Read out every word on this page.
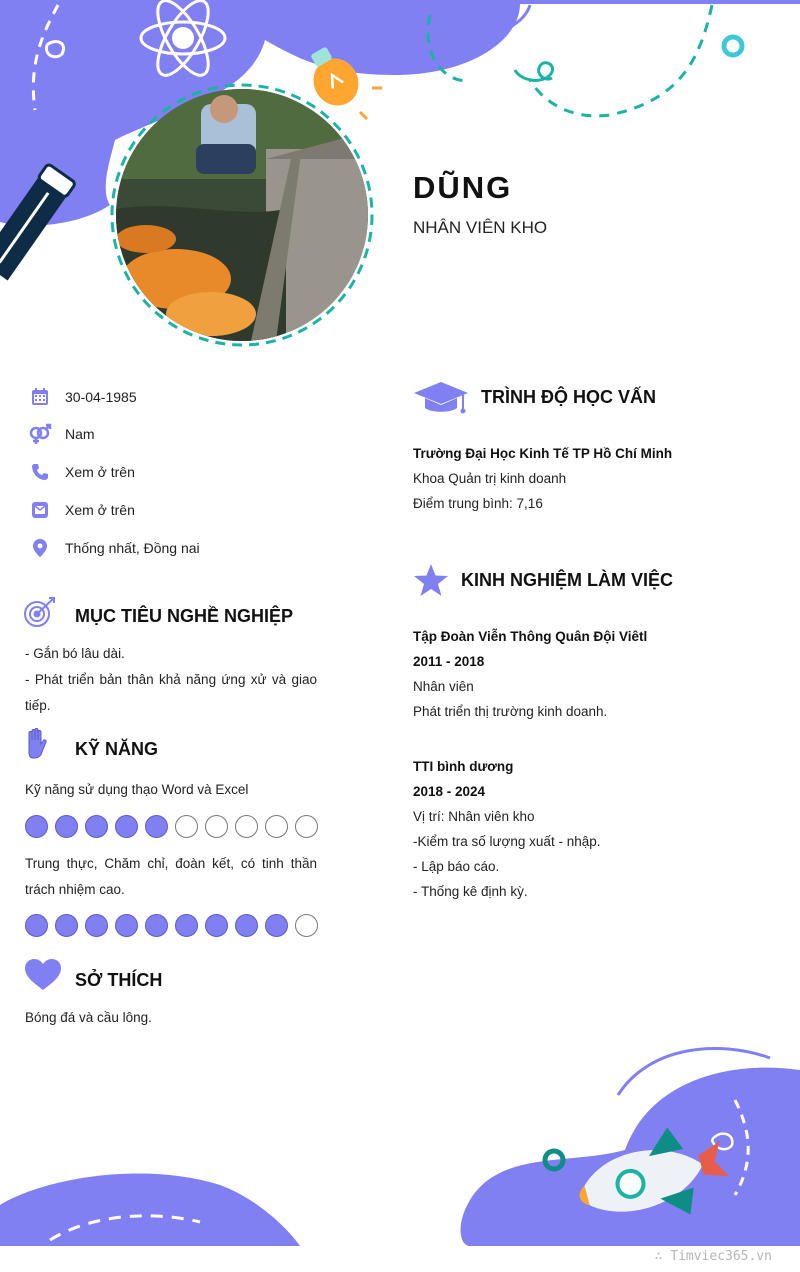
DŨNG
NHÂN VIÊN KHO
30-04-1985
Nam
Xem ở trên
Xem ở trên
Thống nhất, Đồng nai
MỤC TIÊU NGHỀ NGHIỆP
- Gắn bó lâu dài.
- Phát triển bản thân khả năng ứng xử và giao tiếp.
KỸ NĂNG
Kỹ năng sử dụng thạo Word và Excel
Trung thực, Chăm chỉ, đoàn kết, có tinh thần trách nhiệm cao.
SỞ THÍCH
Bóng đá và cầu lông.
TRÌNH ĐỘ HỌC VẤN
Trường Đại Học Kinh Tế TP Hồ Chí Minh
Khoa Quản trị kinh doanh
Điểm trung bình: 7,16
KINH NGHIỆM LÀM VIỆC
Tập Đoàn Viễn Thông Quân Đội Viêtl
2011 - 2018
Nhân viên
Phát triển thị trường kinh doanh.
TTI bình dương
2018 - 2024
Vị trí: Nhân viên kho
-Kiểm tra số lượng xuất - nhập.
- Lập báo cáo.
- Thống kê định kỳ.
∴ Timviec365.vn
